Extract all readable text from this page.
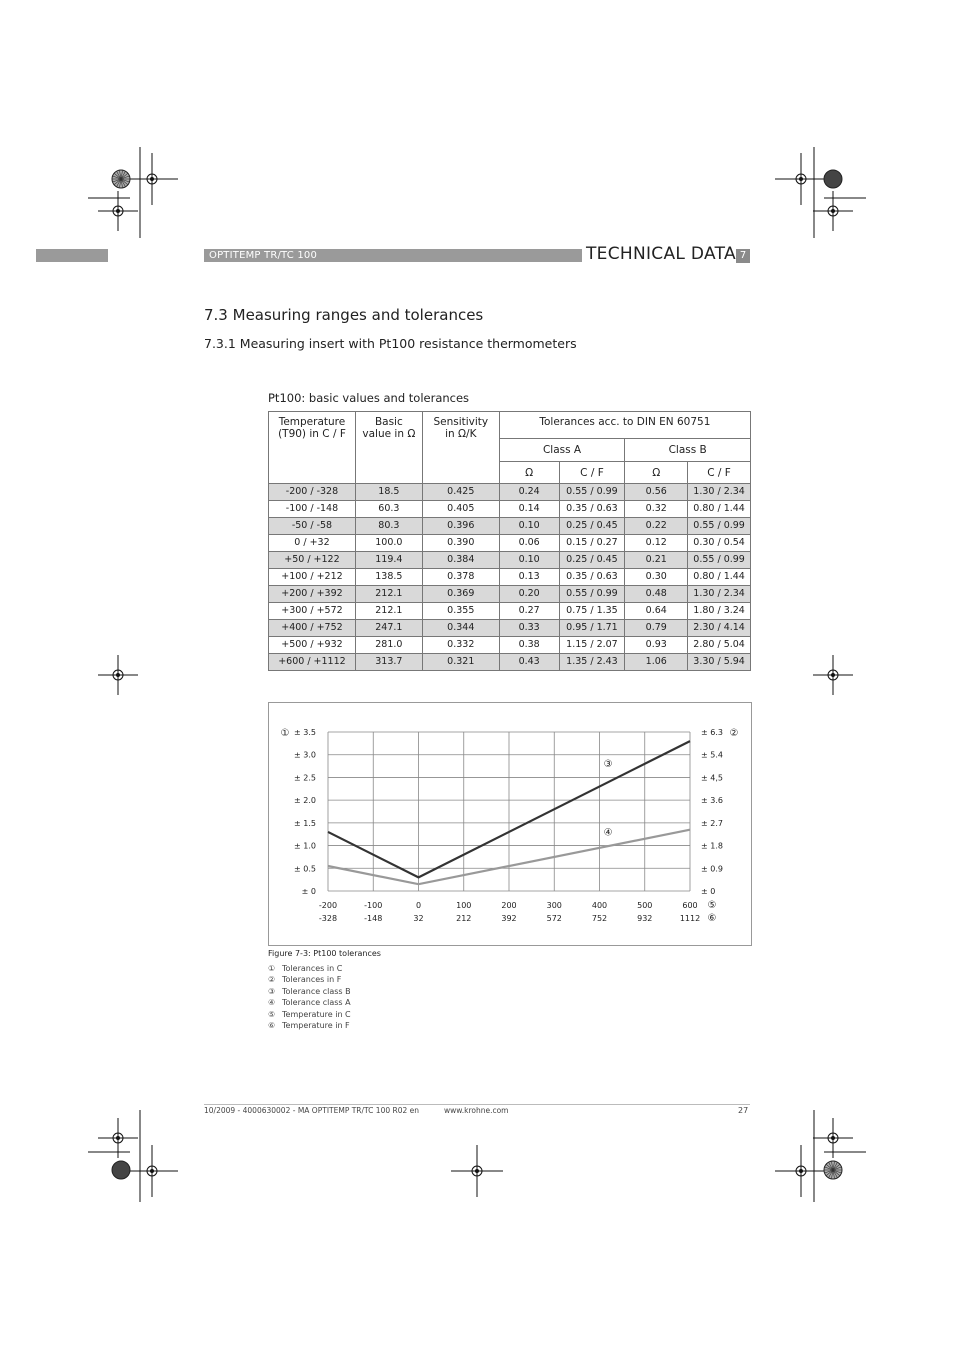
OPTITEMP TR/TC 100	TECHNICAL DATA 7
7.3 Measuring ranges and tolerances
7.3.1 Measuring insert with Pt100 resistance thermometers
Pt100: basic values and tolerances
Temperature (T90) in C / F	Basic value in Ω	Sensitivity in Ω/K	Tolerances acc. to DIN EN 60751			
			Class A		Class B	
			Ω	C / F	Ω	C / F
-200 / -328	18.5	0.425	0.24	0.55 / 0.99	0.56	1.30 / 2.34
-100 / -148	60.3	0.405	0.14	0.35 / 0.63	0.32	0.80 / 1.44
-50 / -58	80.3	0.396	0.10	0.25 / 0.45	0.22	0.55 / 0.99
0 / +32	100.0	0.390	0.06	0.15 / 0.27	0.12	0.30 / 0.54
+50 / +122	119.4	0.384	0.10	0.25 / 0.45	0.21	0.55 / 0.99
+100 / +212	138.5	0.378	0.13	0.35 / 0.63	0.30	0.80 / 1.44
+200 / +392	212.1	0.369	0.20	0.55 / 0.99	0.48	1.30 / 2.34
+300 / +572	212.1	0.355	0.27	0.75 / 1.35	0.64	1.80 / 3.24
+400 / +752	247.1	0.344	0.33	0.95 / 1.71	0.79	2.30 / 4.14
+500 / +932	281.0	0.332	0.38	1.15 / 2.07	0.93	2.80 / 5.04
+600 / +1112	313.7	0.321	0.43	1.35 / 2.43	1.06	3.30 / 5.94
± 0	± 0
± 0.5	± 0.9
± 1.0	± 1.8
± 1.5	± 2.7
± 2.0	± 3.6
± 2.5	± 4,5
± 3.0	± 5.4
± 3.5	± 6.3
-200
-328
-100
-148
0
32
100
212
200
392
300
572
400
752
500
932
600
1112
①	②
⑤
⑥
③
④
Figure 7-3: Pt100 tolerances
① Tolerances in C
② Tolerances in F
③ Tolerance class B
④ Tolerance class A
⑤ Temperature in C
⑥ Temperature in F
10/2009 - 4000630002 - MA OPTITEMP TR/TC 100 R02 en	www.krohne.com	27
